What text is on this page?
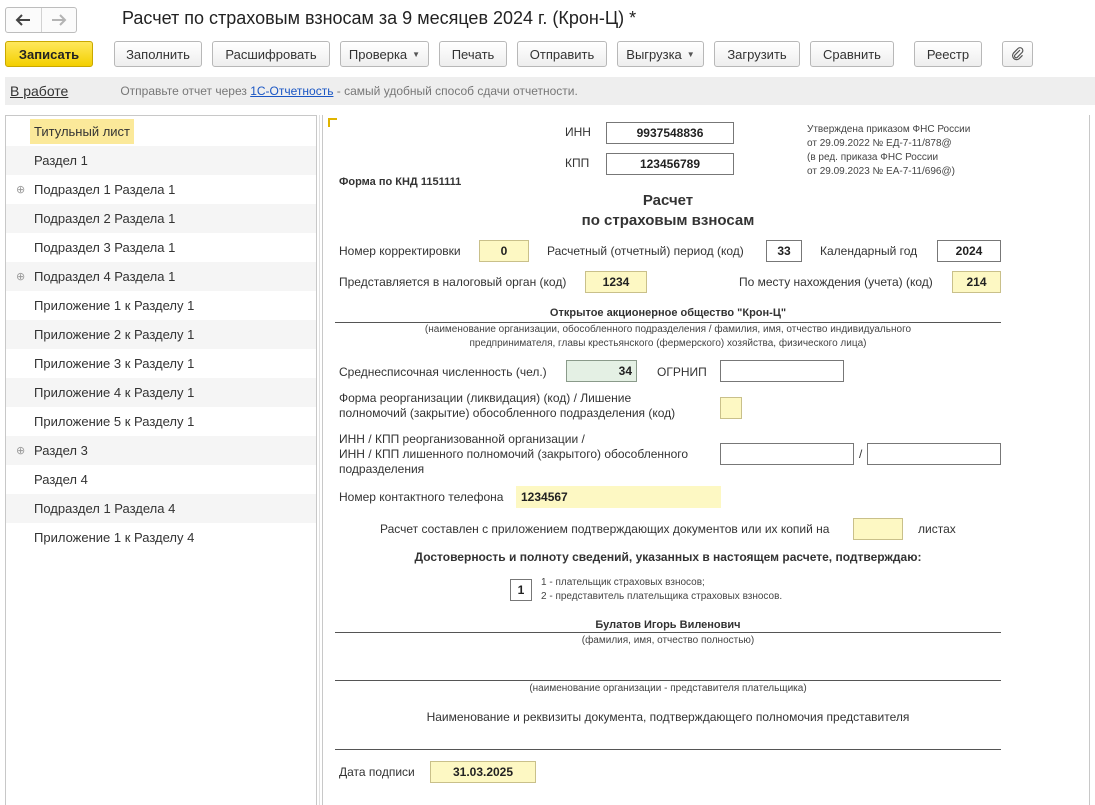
Расчет по страховым взносам за 9 месяцев 2024 г. (Крон-Ц) *
Записать	Заполнить	Расшифровать	Проверка ▼	Печать	Отправить	Выгрузка ▼	Загрузить	Сравнить	Реестр
В работе	Отправьте отчет через 1С-Отчетность - самый удобный способ сдачи отчетности.
Титульный лист
Раздел 1
⊕ Подраздел 1 Раздела 1
Подраздел 2 Раздела 1
Подраздел 3 Раздела 1
⊕ Подраздел 4 Раздела 1
Приложение 1 к Разделу 1
Приложение 2 к Разделу 1
Приложение 3 к Разделу 1
Приложение 4 к Разделу 1
Приложение 5 к Разделу 1
⊕ Раздел 3
Раздел 4
Подраздел 1 Раздела 4
Приложение 1 к Разделу 4
ИНН	9937548836
КПП	123456789
Утверждена приказом ФНС России
от 29.09.2022 № ЕД-7-11/878@
(в ред. приказа ФНС России
от 29.09.2023 № ЕА-7-11/696@)
Форма по КНД 1151111
Расчет
по страховым взносам
Номер корректировки	0	Расчетный (отчетный) период (код)	33	Календарный год	2024
Представляется в налоговый орган (код)	1234	По месту нахождения (учета) (код)	214
Открытое акционерное общество "Крон-Ц"
(наименование организации, обособленного подразделения / фамилия, имя, отчество индивидуального
предпринимателя, главы крестьянского (фермерского) хозяйства, физического лица)
Среднесписочная численность (чел.)	34	ОГРНИП
Форма реорганизации (ликвидация) (код) / Лишение
полномочий (закрытие) обособленного подразделения (код)
ИНН / КПП реорганизованной организации /
ИНН / КПП лишенного полномочий (закрытого) обособленного
подразделения
/
Номер контактного телефона	1234567
Расчет составлен с приложением подтверждающих документов или их копий на	листах
Достоверность и полноту сведений, указанных в настоящем расчете, подтверждаю:
1
1 - плательщик страховых взносов;
2 - представитель плательщика страховых взносов.
Булатов Игорь Виленович
(фамилия, имя, отчество полностью)
(наименование организации - представителя плательщика)
Наименование и реквизиты документа, подтверждающего полномочия представителя
Дата подписи	31.03.2025
